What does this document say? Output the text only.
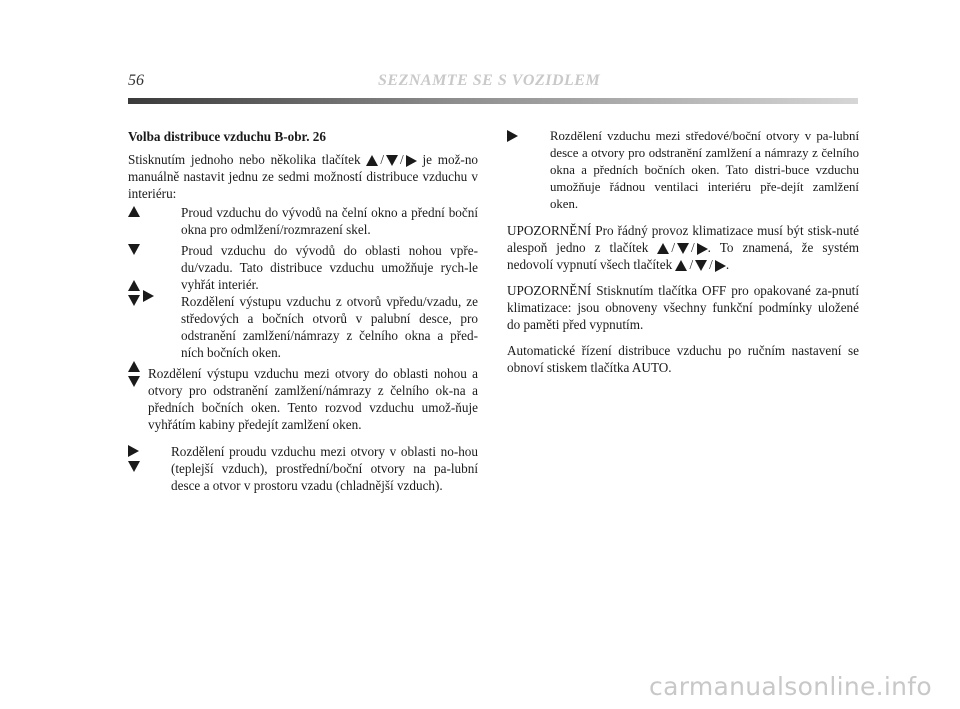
56	SEZNAMTE SE S VOZIDLEM

Volba distribuce vzduchu B-obr. 26

Stisknutím jednoho nebo několika tlačítek / / je mož-no manuálně nastavit jednu ze sedmi možností distribuce vzduchu v interiéru:

Proud vzduchu do vývodů na čelní okno a přední boční okna pro odmlžení/rozmrazení skel.

Proud vzduchu do vývodů do oblasti nohou vpře-du/vzadu. Tato distribuce vzduchu umožňuje rych-le vyhřát interiér.

Rozdělení výstupu vzduchu z otvorů vpředu/vzadu, ze středových a bočních otvorů v palubní desce, pro odstranění zamlžení/námrazy z čelního okna a před-ních bočních oken.

Rozdělení výstupu vzduchu mezi otvory do oblasti nohou a otvory pro odstranění zamlžení/námrazy z čelního ok-na a předních bočních oken. Tento rozvod vzduchu umož-ňuje vyhřátím kabiny předejít zamlžení oken.

Rozdělení proudu vzduchu mezi otvory v oblasti no-hou (teplejší vzduch), prostřední/boční otvory na pa-lubní desce a otvor v prostoru vzadu (chladnější vzduch).

Rozdělení vzduchu mezi středové/boční otvory v pa-lubní desce a otvory pro odstranění zamlžení a námrazy z čelního okna a předních bočních oken. Tato distri-buce vzduchu umožňuje řádnou ventilaci interiéru pře-dejít zamlžení oken.

UPOZORNĚNÍ Pro řádný provoz klimatizace musí být stisk-nuté alespoň jedno z tlačítek / / . To znamená, že systém nedovolí vypnutí všech tlačítek / / .

UPOZORNĚNÍ Stisknutím tlačítka OFF pro opakované za-pnutí klimatizace: jsou obnoveny všechny funkční podmínky uložené do paměti před vypnutím.

Automatické řízení distribuce vzduchu po ručním nastavení se obnoví stiskem tlačítka AUTO.

carmanualsonline.info
